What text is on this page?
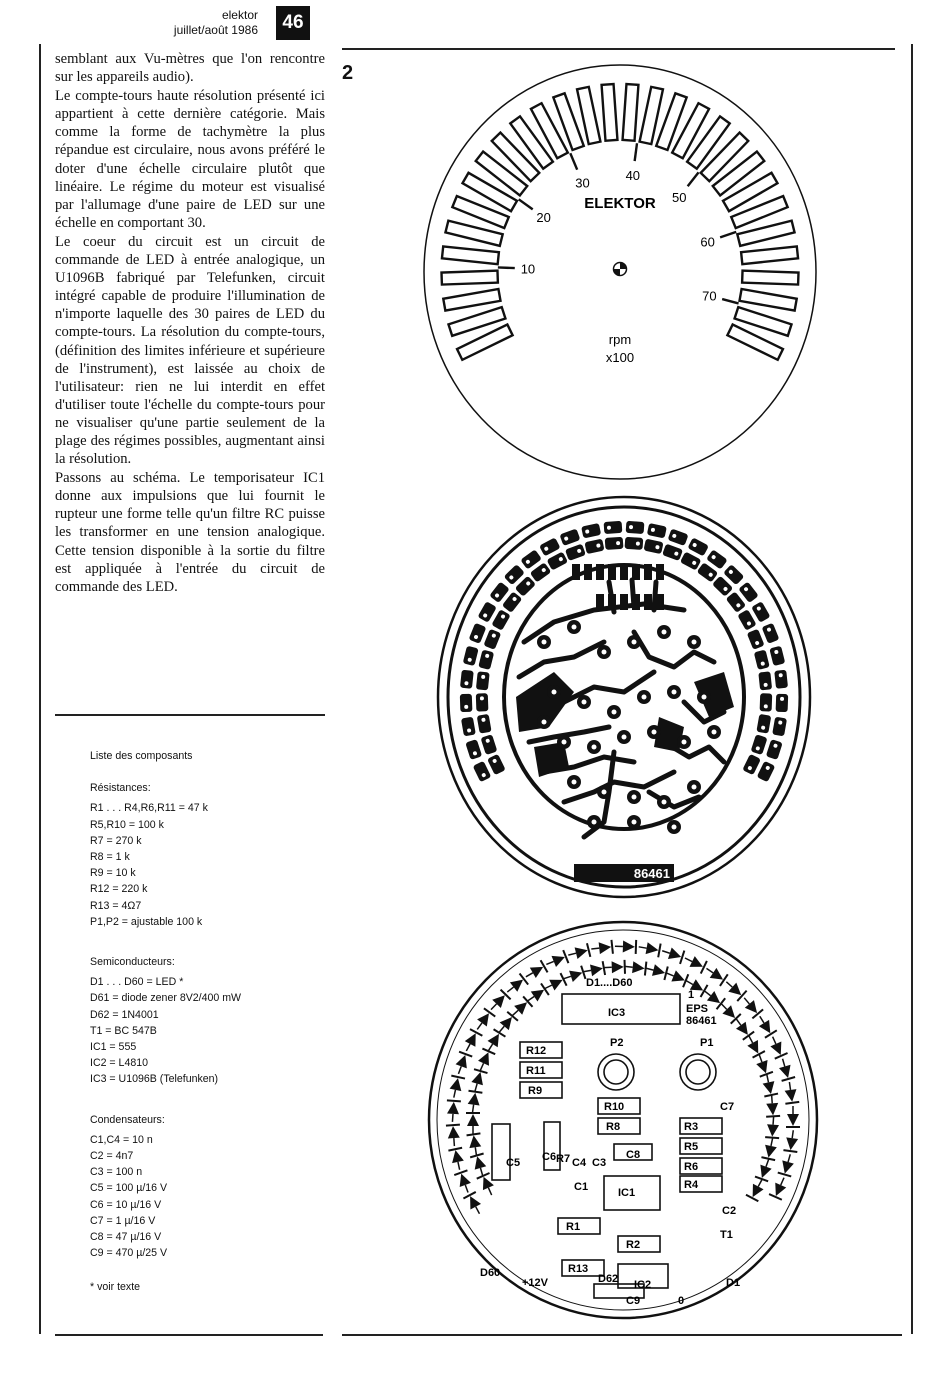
elektor
juillet/août 1986	46

semblant aux Vu-mètres que l'on rencontre sur les appareils audio).

Le compte-tours haute résolution présenté ici appartient à cette dernière catégorie. Mais comme la forme de tachymètre la plus répandue est circulaire, nous avons préféré le doter d'une échelle circulaire plutôt que linéaire. Le régime du moteur est visualisé par l'allumage d'une paire de LED sur une échelle en comportant 30.

Le coeur du circuit est un circuit de commande de LED à entrée analogique, un U1096B fabriqué par Telefunken, circuit intégré capable de produire l'illumination de n'importe laquelle des 30 paires de LED du compte-tours. La résolution du compte-tours, (définition des limites inférieure et supérieure de l'instrument), est laissée au choix de l'utilisateur: rien ne lui interdit en effet d'utiliser toute l'échelle du compte-tours pour ne visualiser qu'une partie seulement de la plage des régimes possibles, augmentant ainsi la résolution.

Passons au schéma. Le temporisateur IC1 donne aux impulsions que lui fournit le rupteur une forme telle qu'un filtre RC puisse les transformer en une tension analogique. Cette tension disponible à la sortie du filtre est appliquée à l'entrée du circuit de commande des LED.

Liste des composants
Résistances:
R1 . . . R4,R6,R11 = 47 k
R5,R10 = 100 k
R7 = 270 k
R8 = 1 k
R9 = 10 k
R12 = 220 k
R13 = 4Ω7
P1,P2 = ajustable 100 k
Semiconducteurs:
D1 . . . D60 = LED *
D61 = diode zener 8V2/400 mW
D62 = 1N4001
T1 = BC 547B
IC1 = 555
IC2 = L4810
IC3 = U1096B (Telefunken)
Condensateurs:
C1,C4 = 10 n
C2 = 4n7
C3 = 100 n
C5 = 100 µ/16 V
C6 = 10 µ/16 V
C7 = 1 µ/16 V
C8 = 47 µ/16 V
C9 = 470 µ/25 V
* voir texte
2
10
20
30
40
50
60
70
ELEKTOR
rpm
x100
86461
IC3
P2	P1
R12
R11
R9
R10
R8	R3
R5
R6
R4
R7
C5 C6	C8
C7
C4 C3
C1	IC1
C2
R1
R2
T1
R13
D62 IC2
C9
D60
D1
+12V
1
0
D1....D60
EPS
86461
